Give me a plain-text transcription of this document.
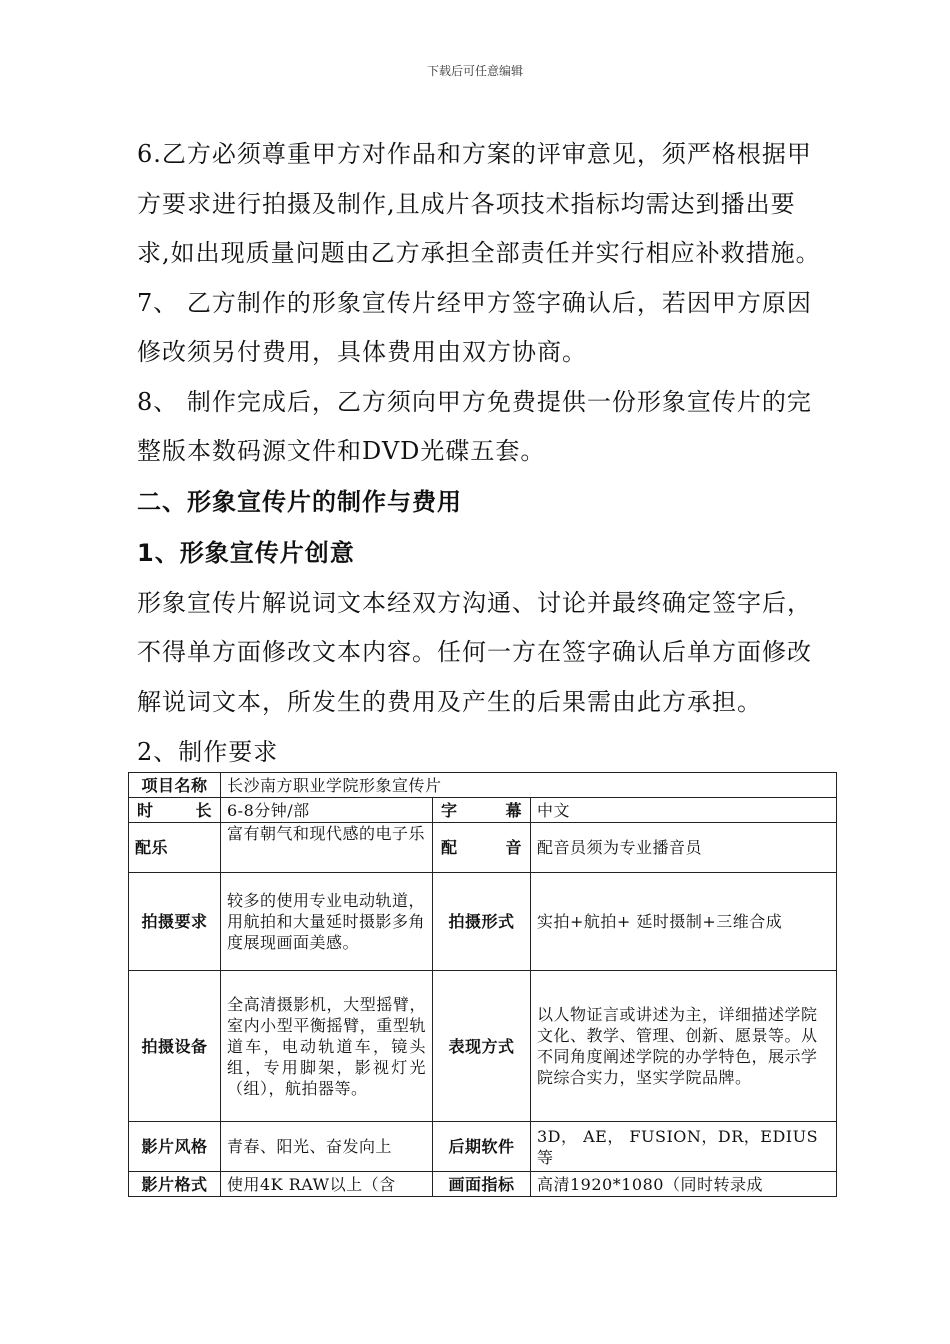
下载后可任意编辑

6.乙方必须尊重甲方对作品和方案的评审意见，须严格根据甲

方要求进行拍摄及制作,且成片各项技术指标均需达到播出要

求,如出现质量问题由乙方承担全部责任并实行相应补救措施。

7、 乙方制作的形象宣传片经甲方签字确认后，若因甲方原因

修改须另付费用，具体费用由双方协商。

8、 制作完成后，乙方须向甲方免费提供一份形象宣传片的完

整版本数码源文件和DVD光碟五套。

二、形象宣传片的制作与费用

1、形象宣传片创意

形象宣传片解说词文本经双方沟通、讨论并最终确定签字后，

不得单方面修改文本内容。任何一方在签字确认后单方面修改

解说词文本，所发生的费用及产生的后果需由此方承担。

2、制作要求

项目名称	长沙南方职业学院形象宣传片		
时 长	6-8分钟/部	字 幕	中文
配乐	富有朝气和现代感的电子乐	配 音	配音员须为专业播音员
拍摄要求	较多的使用专业电动轨道，用航拍和大量延时摄影多角度展现画面美感。	拍摄形式	实拍+航拍+ 延时摄制+三维合成
拍摄设备	全高清摄影机，大型摇臂， 室内小型平衡摇臂，重型轨道车，电动轨道车，镜头组，专用脚架，影视灯光（组），航拍器等。	表现方式	以人物证言或讲述为主，详细描述学院文化、教学、管理、创新、愿景等。从不同角度阐述学院的办学特色，展示学院综合实力，坚实学院品牌。
影片风格	青春、阳光、奋发向上	后期软件	3D， AE， FUSION，DR，EDIUS等
影片格式	使用4K RAW以上（含	画面指标	高清1920*1080（同时转录成
